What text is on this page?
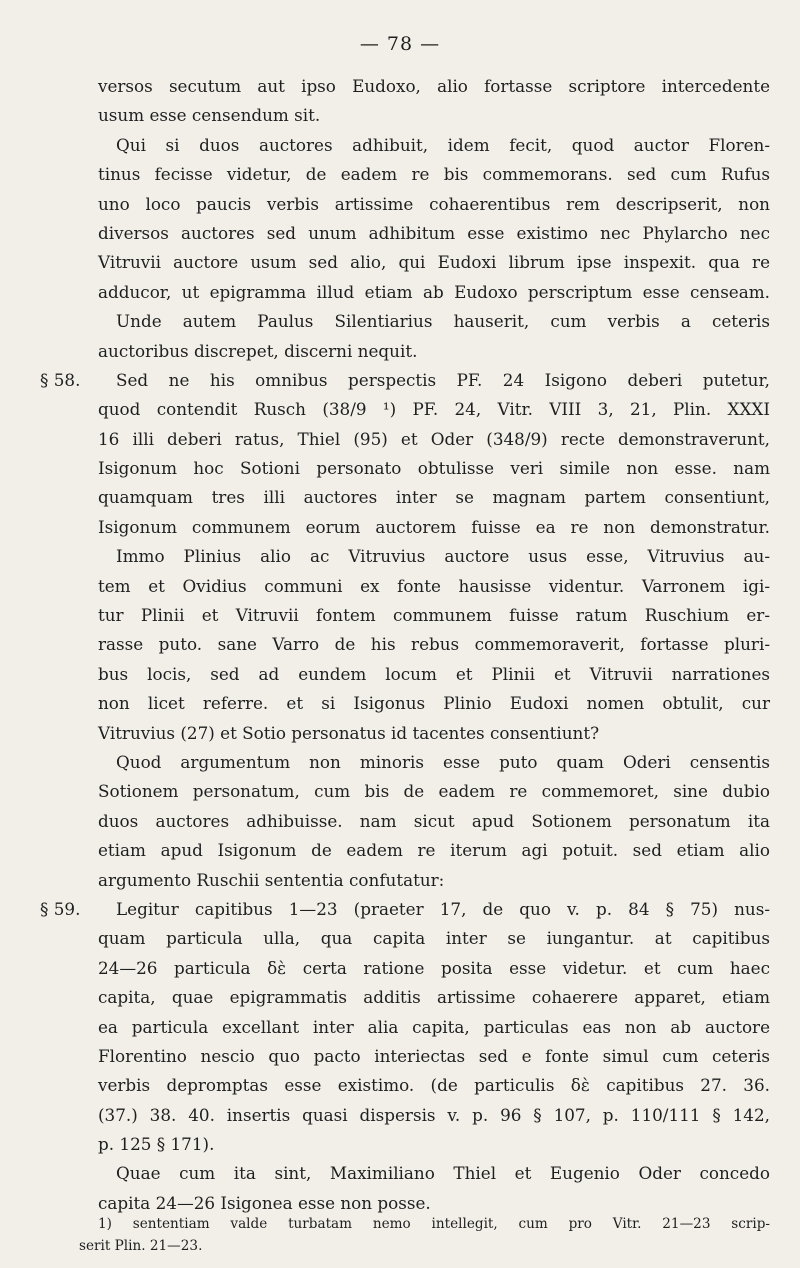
— 78 —
versos secutum aut ipso Eudoxo, alio fortasse scriptore intercedente
usum esse censendum sit.
Qui si duos auctores adhibuit, idem fecit, quod auctor Floren-
tinus fecisse videtur, de eadem re bis commemorans. sed cum Rufus
uno loco paucis verbis artissime cohaerentibus rem descripserit, non
diversos auctores sed unum adhibitum esse existimo nec Phylarcho nec
Vitruvii auctore usum sed alio, qui Eudoxi librum ipse inspexit. qua re
adducor, ut epigramma illud etiam ab Eudoxo perscriptum esse censeam.
Unde autem Paulus Silentiarius hauserit, cum verbis a ceteris
auctoribus discrepet, discerni nequit.
§ 58. Sed ne his omnibus perspectis PF. 24 Isigono deberi putetur,
quod contendit Rusch (38/9 ¹) PF. 24, Vitr. VIII 3, 21, Plin. XXXI
16 illi deberi ratus, Thiel (95) et Oder (348/9) recte demonstraverunt,
Isigonum hoc Sotioni personato obtulisse veri simile non esse. nam
quamquam tres illi auctores inter se magnam partem consentiunt,
Isigonum communem eorum auctorem fuisse ea re non demonstratur.
Immo Plinius alio ac Vitruvius auctore usus esse, Vitruvius au-
tem et Ovidius communi ex fonte hausisse videntur. Varronem igi-
tur Plinii et Vitruvii fontem communem fuisse ratum Ruschium er-
rasse puto. sane Varro de his rebus commemoraverit, fortasse pluri-
bus locis, sed ad eundem locum et Plinii et Vitruvii narrationes
non licet referre. et si Isigonus Plinio Eudoxi nomen obtulit, cur
Vitruvius (27) et Sotio personatus id tacentes consentiunt?
Quod argumentum non minoris esse puto quam Oderi censentis
Sotionem personatum, cum bis de eadem re commemoret, sine dubio
duos auctores adhibuisse. nam sicut apud Sotionem personatum ita
etiam apud Isigonum de eadem re iterum agi potuit. sed etiam alio
argumento Ruschii sententia confutatur:
§ 59. Legitur capitibus 1—23 (praeter 17, de quo v. p. 84 § 75) nus-
quam particula ulla, qua capita inter se iungantur. at capitibus
24—26 particula δὲ certa ratione posita esse videtur. et cum haec
capita, quae epigrammatis additis artissime cohaerere apparet, etiam
ea particula excellant inter alia capita, particulas eas non ab auctore
Florentino nescio quo pacto interiectas sed e fonte simul cum ceteris
verbis depromptas esse existimo. (de particulis δὲ capitibus 27. 36.
(37.) 38. 40. insertis quasi dispersis v. p. 96 § 107, p. 110/111 § 142,
p. 125 § 171).
Quae cum ita sint, Maximiliano Thiel et Eugenio Oder concedo
capita 24—26 Isigonea esse non posse.
1) sententiam valde turbatam nemo intellegit, cum pro Vitr. 21—23 scrip-
serit Plin. 21—23.
